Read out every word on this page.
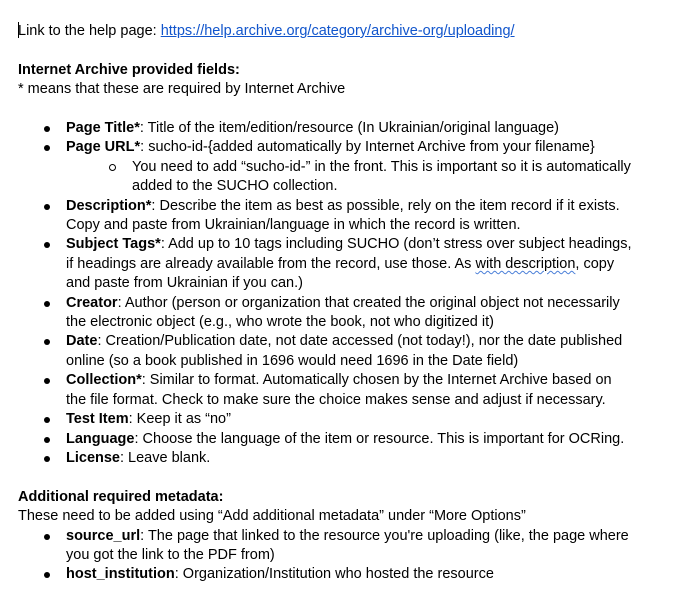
Link to the help page: https://help.archive.org/category/archive-org/uploading/
Internet Archive provided fields:
* means that these are required by Internet Archive
Page Title*: Title of the item/edition/resource (In Ukrainian/original language)
Page URL*: sucho-id-{added automatically by Internet Archive from your filename}
You need to add “sucho-id-” in the front. This is important so it is automatically
added to the SUCHO collection.
Description*: Describe the item as best as possible, rely on the item record if it exists.
Copy and paste from Ukrainian/language in which the record is written.
Subject Tags*: Add up to 10 tags including SUCHO (don’t stress over subject headings,
if headings are already available from the record, use those. As with description, copy
and paste from Ukrainian if you can.)
Creator: Author (person or organization that created the original object not necessarily
the electronic object (e.g., who wrote the book, not who digitized it)
Date: Creation/Publication date, not date accessed (not today!), nor the date published
online (so a book published in 1696 would need 1696 in the Date field)
Collection*: Similar to format. Automatically chosen by the Internet Archive based on
the file format. Check to make sure the choice makes sense and adjust if necessary.
Test Item: Keep it as “no”
Language: Choose the language of the item or resource. This is important for OCRing.
License: Leave blank.
Additional required metadata:
These need to be added using “Add additional metadata” under “More Options”
source_url: The page that linked to the resource you're uploading (like, the page where
you got the link to the PDF from)
host_institution: Organization/Institution who hosted the resource
